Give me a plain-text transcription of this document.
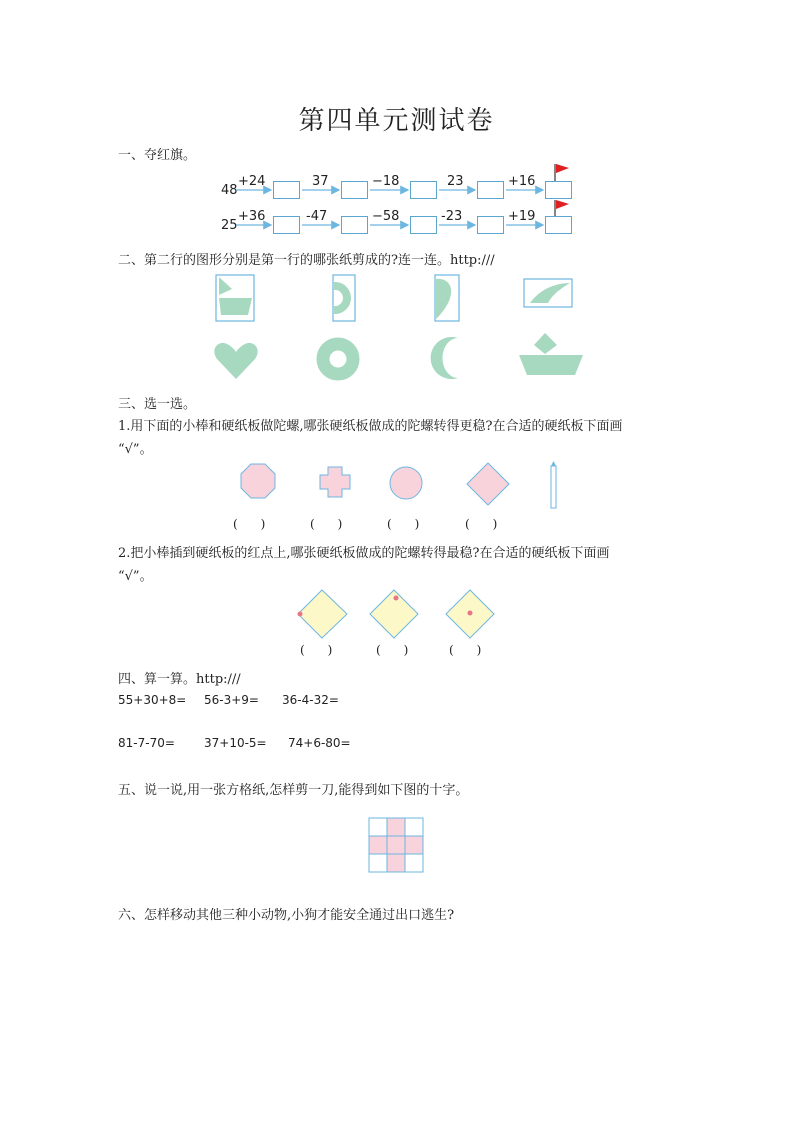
第四单元测试卷
一、夺红旗。
48
+24	37	−18	23	+16
25
+36	-47	−58	-23	+19
二、第二行的图形分别是第一行的哪张纸剪成的?连一连。http:///
三、选一选。
1.用下面的小棒和硬纸板做陀螺,哪张硬纸板做成的陀螺转得更稳?在合适的硬纸板下面画
“√”。
(      )	(      )	(      )	(      )
2.把小棒插到硬纸板的红点上,哪张硬纸板做成的陀螺转得最稳?在合适的硬纸板下面画
“√”。
(      )	(      )	(      )
四、算一算。http:///
55+30+8= 56-3+9= 36-4-32=
81-7-70= 37+10-5= 74+6-80=
五、说一说,用一张方格纸,怎样剪一刀,能得到如下图的十字。
六、怎样移动其他三种小动物,小狗才能安全通过出口逃生?
